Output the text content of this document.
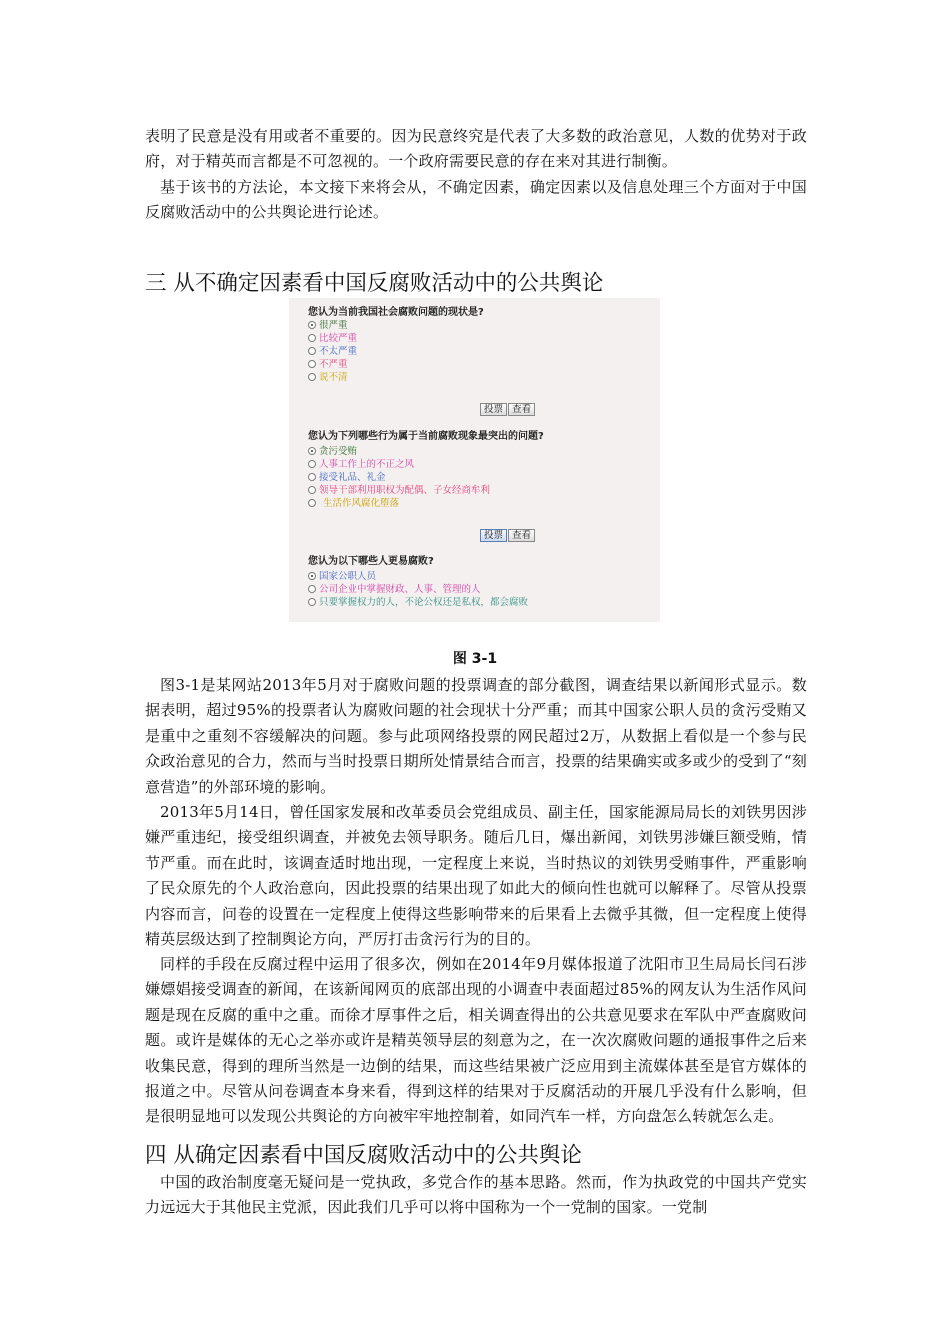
表明了民意是没有用或者不重要的。因为民意终究是代表了大多数的政治意见，人数的优势对于政府，对于精英而言都是不可忽视的。一个政府需要民意的存在来对其进行制衡。

基于该书的方法论，本文接下来将会从，不确定因素，确定因素以及信息处理三个方面对于中国反腐败活动中的公共舆论进行论述。

三 从不确定因素看中国反腐败活动中的公共舆论
您认为当前我国社会腐败问题的现状是?
很严重
比较严重
不太严重
不严重
说不清
投票 查看
您认为下列哪些行为属于当前腐败现象最突出的问题?
贪污受贿
人事工作上的不正之风
接受礼品、礼金
领导干部利用职权为配偶、子女经商牟利
生活作风腐化堕落
投票 查看
您认为以下哪些人更易腐败?
国家公职人员
公司企业中掌握财政、人事、管理的人
只要掌握权力的人，不论公权还是私权，都会腐败
图 3-1

图3-1是某网站2013年5月对于腐败问题的投票调查的部分截图，调查结果以新闻形式显示。数据表明，超过95%的投票者认为腐败问题的社会现状十分严重；而其中国家公职人员的贪污受贿又是重中之重刻不容缓解决的问题。参与此项网络投票的网民超过2万，从数据上看似是一个参与民众政治意见的合力，然而与当时投票日期所处情景结合而言，投票的结果确实或多或少的受到了“刻意营造”的外部环境的影响。

2013年5月14日，曾任国家发展和改革委员会党组成员、副主任，国家能源局局长的刘铁男因涉嫌严重违纪，接受组织调查，并被免去领导职务。随后几日，爆出新闻，刘铁男涉嫌巨额受贿，情节严重。而在此时，该调查适时地出现，一定程度上来说，当时热议的刘铁男受贿事件，严重影响了民众原先的个人政治意向，因此投票的结果出现了如此大的倾向性也就可以解释了。尽管从投票内容而言，问卷的设置在一定程度上使得这些影响带来的后果看上去微乎其微，但一定程度上使得精英层级达到了控制舆论方向，严厉打击贪污行为的目的。

同样的手段在反腐过程中运用了很多次，例如在2014年9月媒体报道了沈阳市卫生局局长闫石涉嫌嫖娼接受调查的新闻，在该新闻网页的底部出现的小调查中表面超过85%的网友认为生活作风问题是现在反腐的重中之重。而徐才厚事件之后，相关调查得出的公共意见要求在军队中严查腐败问题。或许是媒体的无心之举亦或许是精英领导层的刻意为之，在一次次腐败问题的通报事件之后来收集民意，得到的理所当然是一边倒的结果，而这些结果被广泛应用到主流媒体甚至是官方媒体的报道之中。尽管从问卷调查本身来看，得到这样的结果对于反腐活动的开展几乎没有什么影响，但是很明显地可以发现公共舆论的方向被牢牢地控制着，如同汽车一样，方向盘怎么转就怎么走。

四 从确定因素看中国反腐败活动中的公共舆论

中国的政治制度毫无疑问是一党执政，多党合作的基本思路。然而，作为执政党的中国共产党实力远远大于其他民主党派，因此我们几乎可以将中国称为一个一党制的国家。一党制
